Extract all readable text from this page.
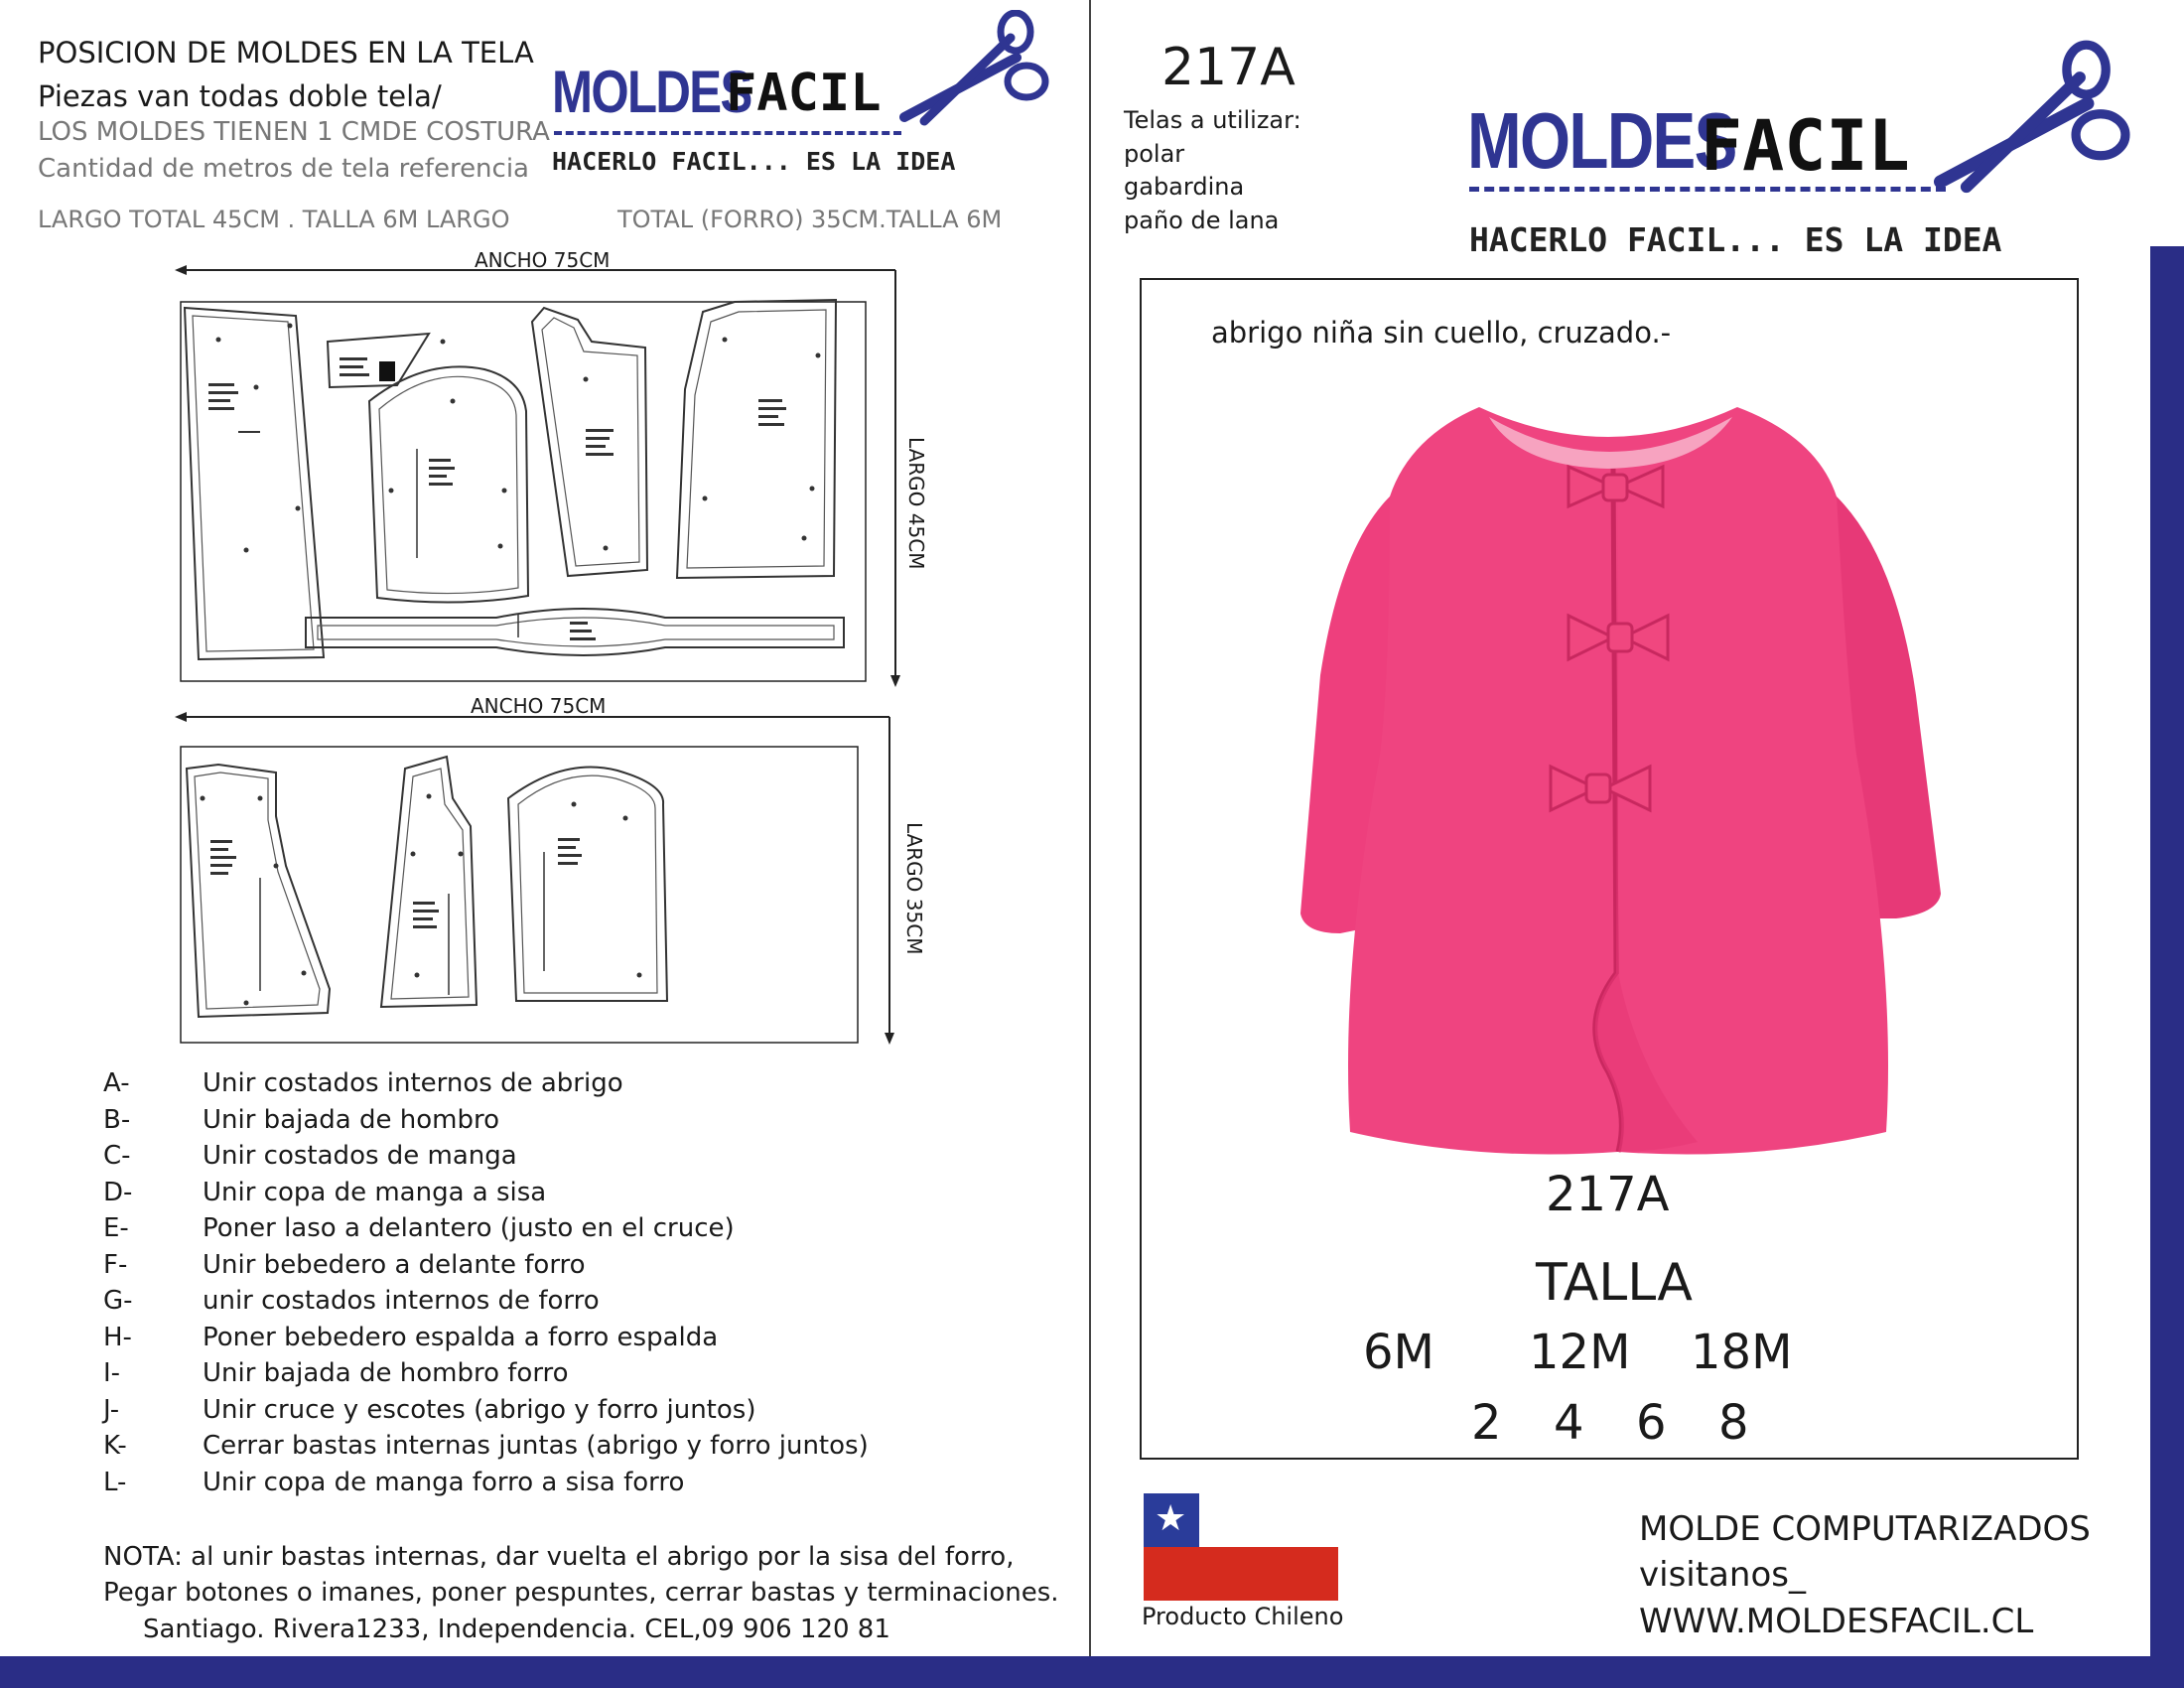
POSICION DE MOLDES EN LA TELA
Piezas van todas doble tela/
LOS MOLDES TIENEN 1 CMDE COSTURA
Cantidad de metros de tela referencia
LARGO TOTAL 45CM . TALLA 6M LARGO	TOTAL (FORRO) 35CM.TALLA 6M
MOLDES
FACIL
HACERLO FACIL... ES LA IDEA
ANCHO 75CM
LARGO 45CM
ANCHO 75CM
LARGO 35CM
A-	Unir costados internos de abrigo
B-	Unir bajada de hombro
C-	Unir costados de manga
D-	Unir copa de manga a sisa
E-	Poner laso a delantero (justo en el cruce)
F-	Unir bebedero a delante forro
G-	unir costados internos de forro
H-	Poner bebedero espalda a forro espalda
I-	Unir bajada de hombro forro
J-	Unir cruce y escotes (abrigo y forro juntos)
K-	Cerrar bastas internas juntas (abrigo y forro juntos)
L-	Unir copa de manga forro a sisa forro
NOTA: al unir bastas internas, dar vuelta el abrigo por la sisa del forro,
Pegar botones o imanes, poner pespuntes, cerrar bastas y terminaciones.
Santiago. Rivera1233, Independencia. CEL,09 906 120 81
217A
Telas a utilizar:
polar
gabardina
paño de lana
MOLDES
FACIL
HACERLO FACIL... ES LA IDEA
abrigo niña sin cuello, cruzado.-
217A
TALLA
6M 12M 18M
2 4 6 8
★
Producto Chileno
MOLDE COMPUTARIZADOS
visitanos_
WWW.MOLDESFACIL.CL
